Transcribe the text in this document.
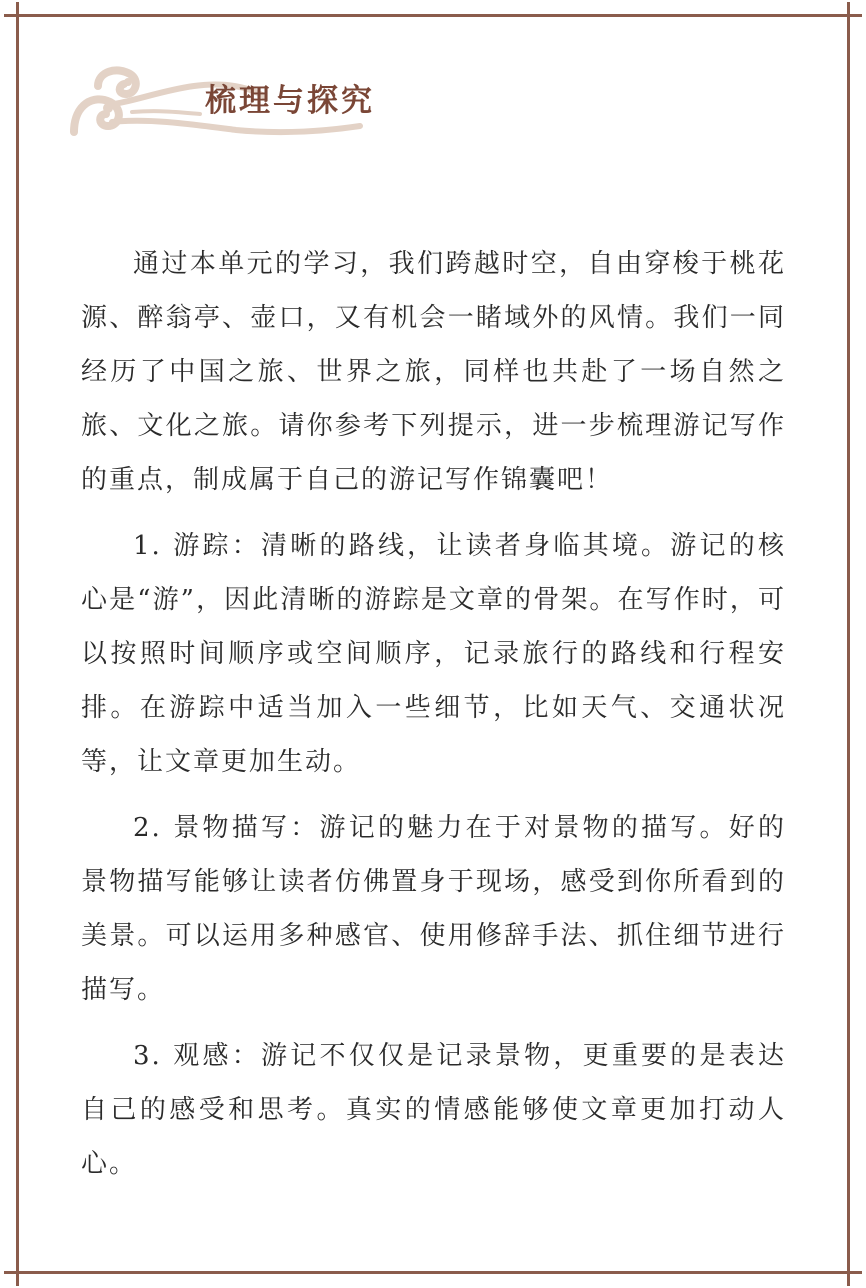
梳理与探究

通过本单元的学习，我们跨越时空，自由穿梭于桃花源、醉翁亭、壶口，又有机会一睹域外的风情。我们一同经历了中国之旅、世界之旅，同样也共赴了一场自然之旅、文化之旅。请你参考下列提示，进一步梳理游记写作的重点，制成属于自己的游记写作锦囊吧！

1. 游踪：清晰的路线，让读者身临其境。游记的核心是“游”，因此清晰的游踪是文章的骨架。在写作时，可以按照时间顺序或空间顺序，记录旅行的路线和行程安排。在游踪中适当加入一些细节，比如天气、交通状况等，让文章更加生动。

2. 景物描写：游记的魅力在于对景物的描写。好的景物描写能够让读者仿佛置身于现场，感受到你所看到的美景。可以运用多种感官、使用修辞手法、抓住细节进行描写。

3. 观感：游记不仅仅是记录景物，更重要的是表达自己的感受和思考。真实的情感能够使文章更加打动人心。
